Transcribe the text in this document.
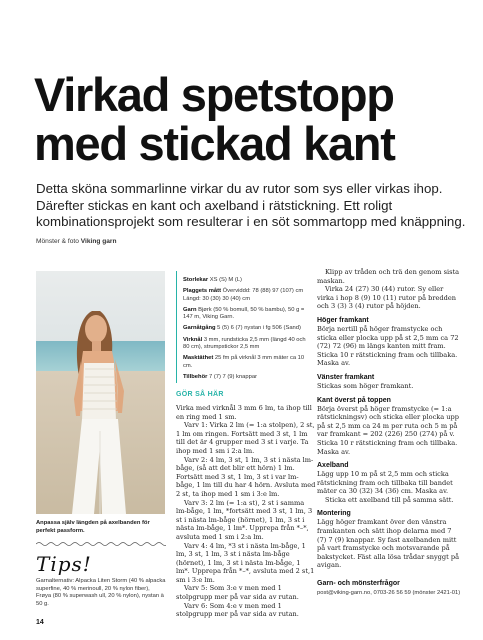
Virkad spetstopp
med stickad kant

Detta sköna sommarlinne virkar du av rutor som sys eller virkas ihop. Därefter stickas en kant och axelband i rätstickning. Ett roligt kombinationsprojekt som resulterar i en söt sommartopp med knäppning.

Mönster & foto Viking garn
Anpassa själv längden på axelbanden för perfekt passform.
Tips!
Garnalternativ: Alpacka Liten Storm (40 % alpacka superfine, 40 % merinoull, 20 % nylon fiber), Frøya (80 % superwash ull, 20 % nylon), nystan à 50 g.
14
Storlekar XS (S) M (L)
Plaggets mått Överviddd: 78 (88) 97 (107) cm Längd: 30 (30) 30 (40) cm
Garn Bjørk (50 % bomull, 50 % bambu), 50 g = 147 m, Viking Garn.
Garnåtgång 5 (5) 6 (7) nystan i fg 506 (Sand)
Virknål 3 mm, rundsticka 2,5 mm (längd 40 och 80 cm), strumpstickor 2,5 mm
Masktäthet 25 fm på virknål 3 mm mäter ca 10 cm.
Tillbehör 7 (7) 7 (9) knappar
GÖR SÅ HÄR

Virka med virknål 3 mm 6 lm, ta ihop till en ring med 1 sm.

Varv 1: Virka 2 lm (= 1:a stolpen), 2 st, 1 lm om ringen. Fortsätt med 3 st, 1 lm till det är 4 grupper med 3 st i varje. Ta ihop med 1 sm i 2:a lm.

Varv 2: 4 lm, 3 st, 1 lm, 3 st i nästa lm-båge, (så att det blir ett hörn) 1 lm. Fortsätt med 3 st, 1 lm, 3 st i var lm-båge, 1 lm till du har 4 hörn. Avsluta med 2 st, ta ihop med 1 sm i 3:e lm.

Varv 3: 2 lm (= 1:a st), 2 st i samma lm-båge, 1 lm, *fortsätt med 3 st, 1 lm, 3 st i nästa lm-båge (hörnet), 1 lm, 3 st i nästa lm-båge, 1 lm*. Upprepa från *–*, avsluta med 1 sm i 2:a lm.

Varv 4: 4 lm, *3 st i nästa lm-båge, 1 lm, 3 st, 1 lm, 3 st i nästa lm-båge (hörnet), 1 lm, 3 st i nästa lm-båge, 1 lm*. Upprepa från *–*, avsluta med 2 st,1 sm i 3:e lm.

Varv 5: Som 3:e v men med 1 stolpgrupp mer på var sida av rutan.

Varv 6: Som 4:e v men med 1 stolpgrupp mer på var sida av rutan.

Klipp av tråden och trä den genom sista maskan.

Virka 24 (27) 30 (44) rutor. Sy eller virka i hop 8 (9) 10 (11) rutor på bredden och 3 (3) 3 (4) rutor på höjden.

Höger framkant

Börja nertill på höger framstycke och sticka eller plocka upp på st 2,5 mm ca 72 (72) 72 (96) m längs kanten mitt fram. Sticka 10 r rätstickning fram och tillbaka. Maska av.

Vänster framkant

Stickas som höger framkant.

Kant överst på toppen

Börja överst på höger framstycke (= 1:a rätstickningsv) och sticka eller plocka upp på st 2,5 mm ca 24 m per ruta och 5 m på var framkant = 202 (226) 250 (274) på v. Sticka 10 r rätstickning fram och tillbaka. Maska av.

Axelband

Lägg upp 10 m på st 2,5 mm och sticka rätstickning fram och tillbaka till bandet mäter ca 30 (32) 34 (36) cm. Maska av.

Sticka ett axelband till på samma sätt.

Montering

Lägg höger framkant över den vänstra framkanten och sätt ihop delarna med 7 (7) 7 (9) knappar. Sy fast axelbanden mitt på vart framstycke och motsvarande på bakstycket. Fäst alla lösa trådar snyggt på avigan.

Garn- och mönsterfrågor
post@viking-garn.no, 0703-26 56 59 (mönster 2421-01)
